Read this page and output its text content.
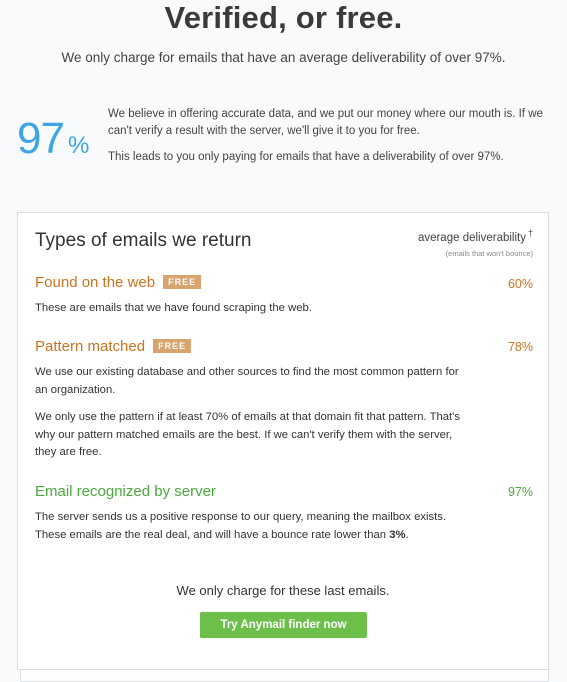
Verified, or free.
We only charge for emails that have an average deliverability of over 97%.
97 %

We believe in offering accurate data, and we put our money where our mouth is. If we can't verify a result with the server, we'll give it to you for free.

This leads to you only paying for emails that have a deliverability of over 97%.

Types of emails we return	average deliverability †
(emails that won't bounce)
Found on the web FREE	60%
These are emails that we have found scraping the web.
Pattern matched FREE	78%
We use our existing database and other sources to find the most common pattern for an organization.
We only use the pattern if at least 70% of emails at that domain fit that pattern. That's why our pattern matched emails are the best. If we can't verify them with the server, they are free.
Email recognized by server	97%
The server sends us a positive response to our query, meaning the mailbox exists. These emails are the real deal, and will have a bounce rate lower than 3%.
We only charge for these last emails.
Try Anymail finder now
